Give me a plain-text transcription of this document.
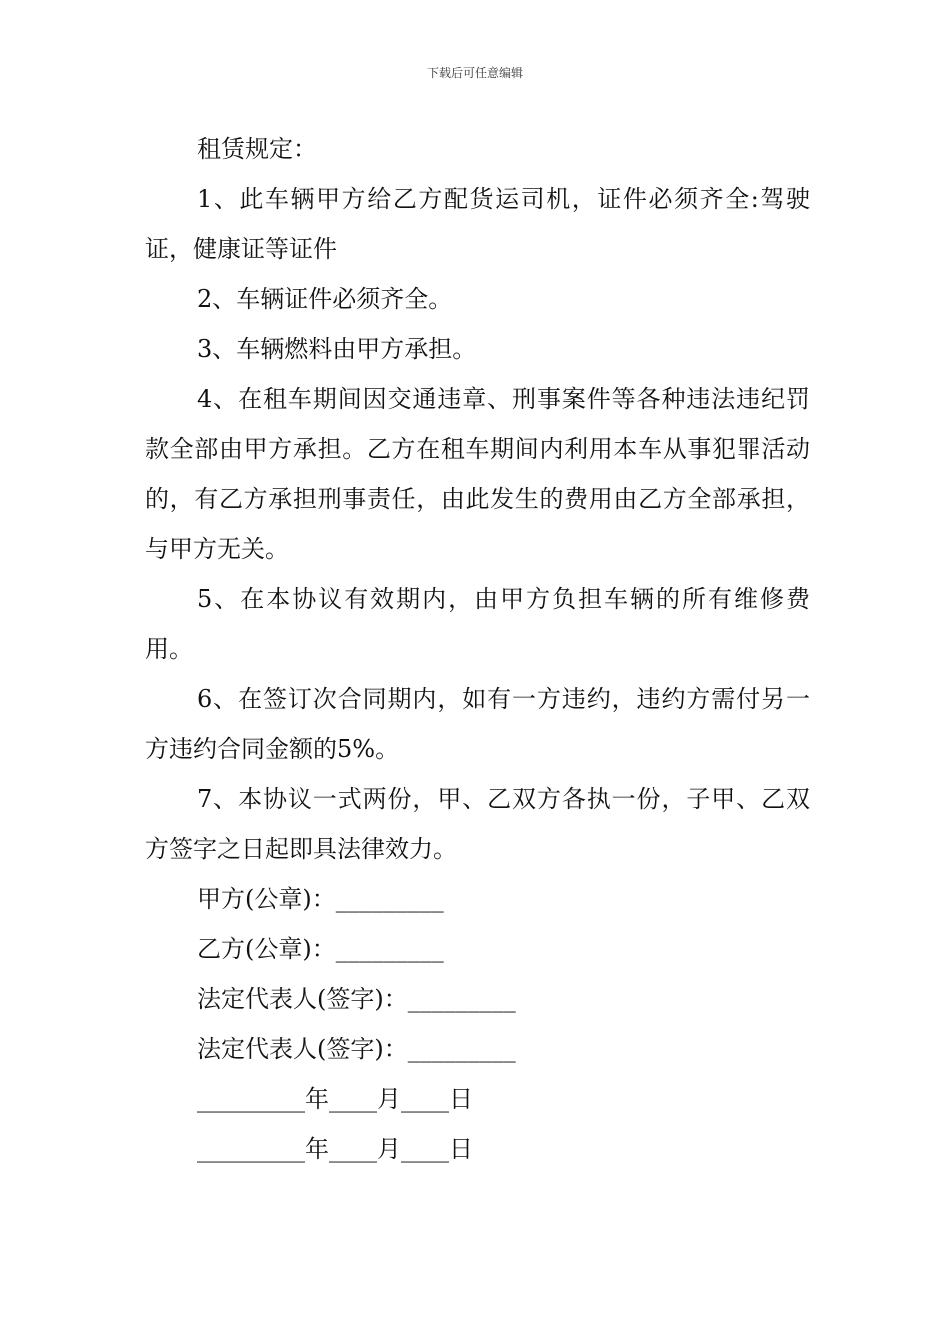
下载后可任意编辑

租赁规定：

1、此车辆甲方给乙方配货运司机，证件必须齐全:驾驶证，健康证等证件

2、车辆证件必须齐全。

3、车辆燃料由甲方承担。

4、在租车期间因交通违章、刑事案件等各种违法违纪罚款全部由甲方承担。乙方在租车期间内利用本车从事犯罪活动的，有乙方承担刑事责任，由此发生的费用由乙方全部承担，与甲方无关。

5、在本协议有效期内，由甲方负担车辆的所有维修费用。

6、在签订次合同期内，如有一方违约，违约方需付另一方违约合同金额的5%。

7、本协议一式两份，甲、乙双方各执一份，子甲、乙双方签字之日起即具法律效力。

甲方(公章)：_________

乙方(公章)：_________

法定代表人(签字)：_________

法定代表人(签字)：_________

_________年____月____日

_________年____月____日
